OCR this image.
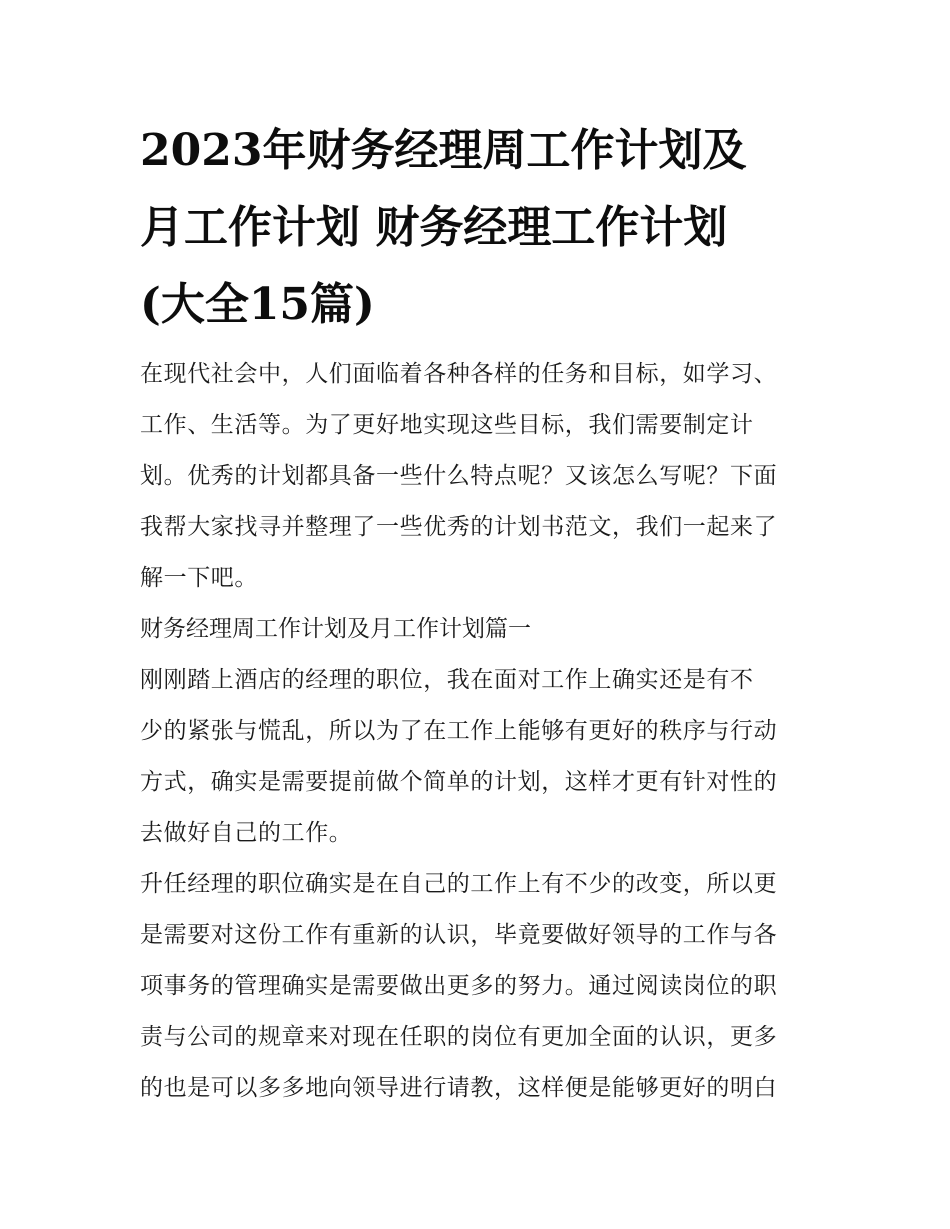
2023年财务经理周工作计划及
月工作计划 财务经理工作计划
(大全15篇)
在现代社会中，人们面临着各种各样的任务和目标，如学习、
工作、生活等。为了更好地实现这些目标，我们需要制定计
划。优秀的计划都具备一些什么特点呢？又该怎么写呢？下面
我帮大家找寻并整理了一些优秀的计划书范文，我们一起来了
解一下吧。
财务经理周工作计划及月工作计划篇一
刚刚踏上酒店的经理的职位，我在面对工作上确实还是有不
少的紧张与慌乱，所以为了在工作上能够有更好的秩序与行动
方式，确实是需要提前做个简单的计划，这样才更有针对性的
去做好自己的工作。
升任经理的职位确实是在自己的工作上有不少的改变，所以更
是需要对这份工作有重新的认识，毕竟要做好领导的工作与各
项事务的管理确实是需要做出更多的努力。通过阅读岗位的职
责与公司的规章来对现在任职的岗位有更加全面的认识，更多
的也是可以多多地向领导进行请教，这样便是能够更好的明白
